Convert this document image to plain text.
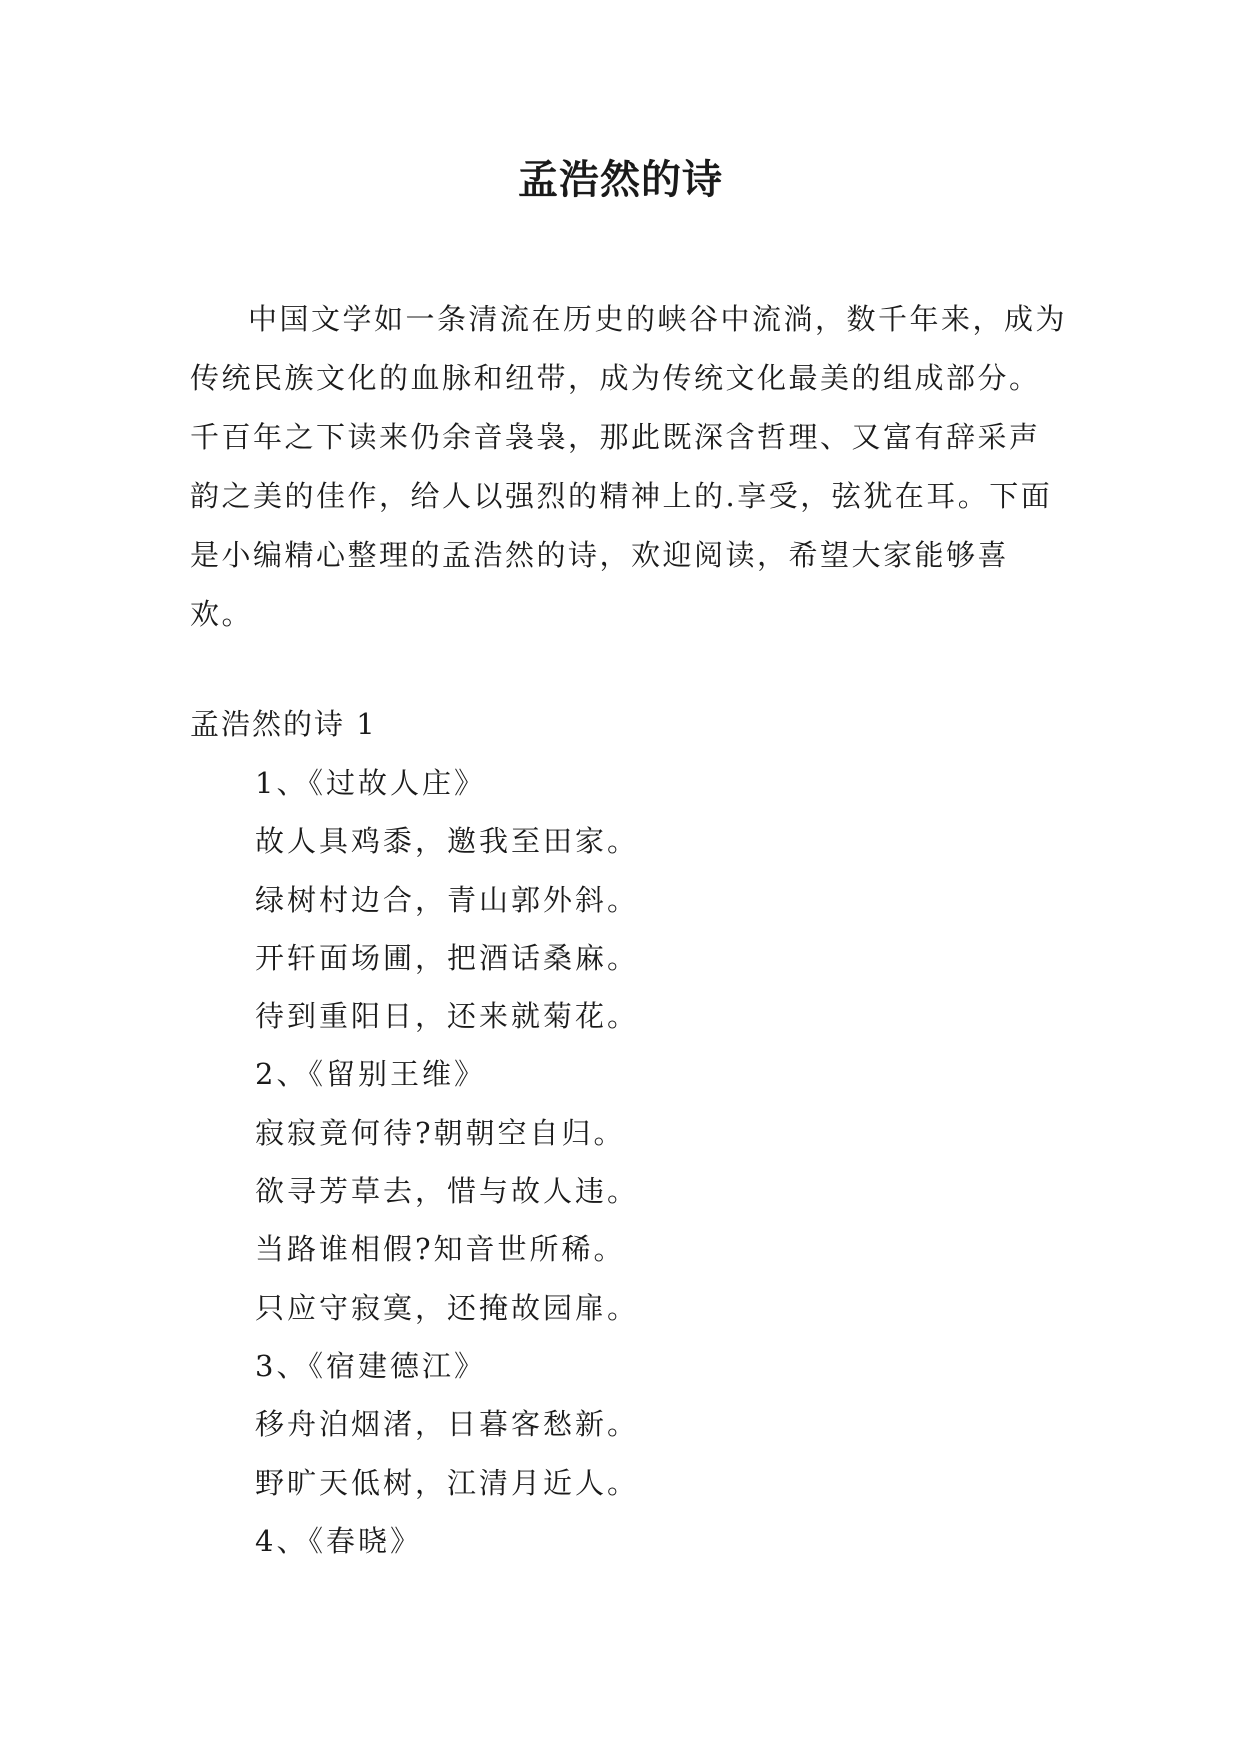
孟浩然的诗

中国文学如一条清流在历史的峡谷中流淌，数千年来，成为传统民族文化的血脉和纽带，成为传统文化最美的组成部分。千百年之下读来仍余音袅袅，那此既深含哲理、又富有辞采声韵之美的佳作，给人以强烈的精神上的.享受，弦犹在耳。下面是小编精心整理的孟浩然的诗，欢迎阅读，希望大家能够喜欢。

孟浩然的诗 1
1、《过故人庄》
故人具鸡黍，邀我至田家。
绿树村边合，青山郭外斜。
开轩面场圃，把酒话桑麻。
待到重阳日，还来就菊花。
2、《留别王维》
寂寂竟何待?朝朝空自归。
欲寻芳草去，惜与故人违。
当路谁相假?知音世所稀。
只应守寂寞，还掩故园扉。
3、《宿建德江》
移舟泊烟渚，日暮客愁新。
野旷天低树，江清月近人。
4、《春晓》
